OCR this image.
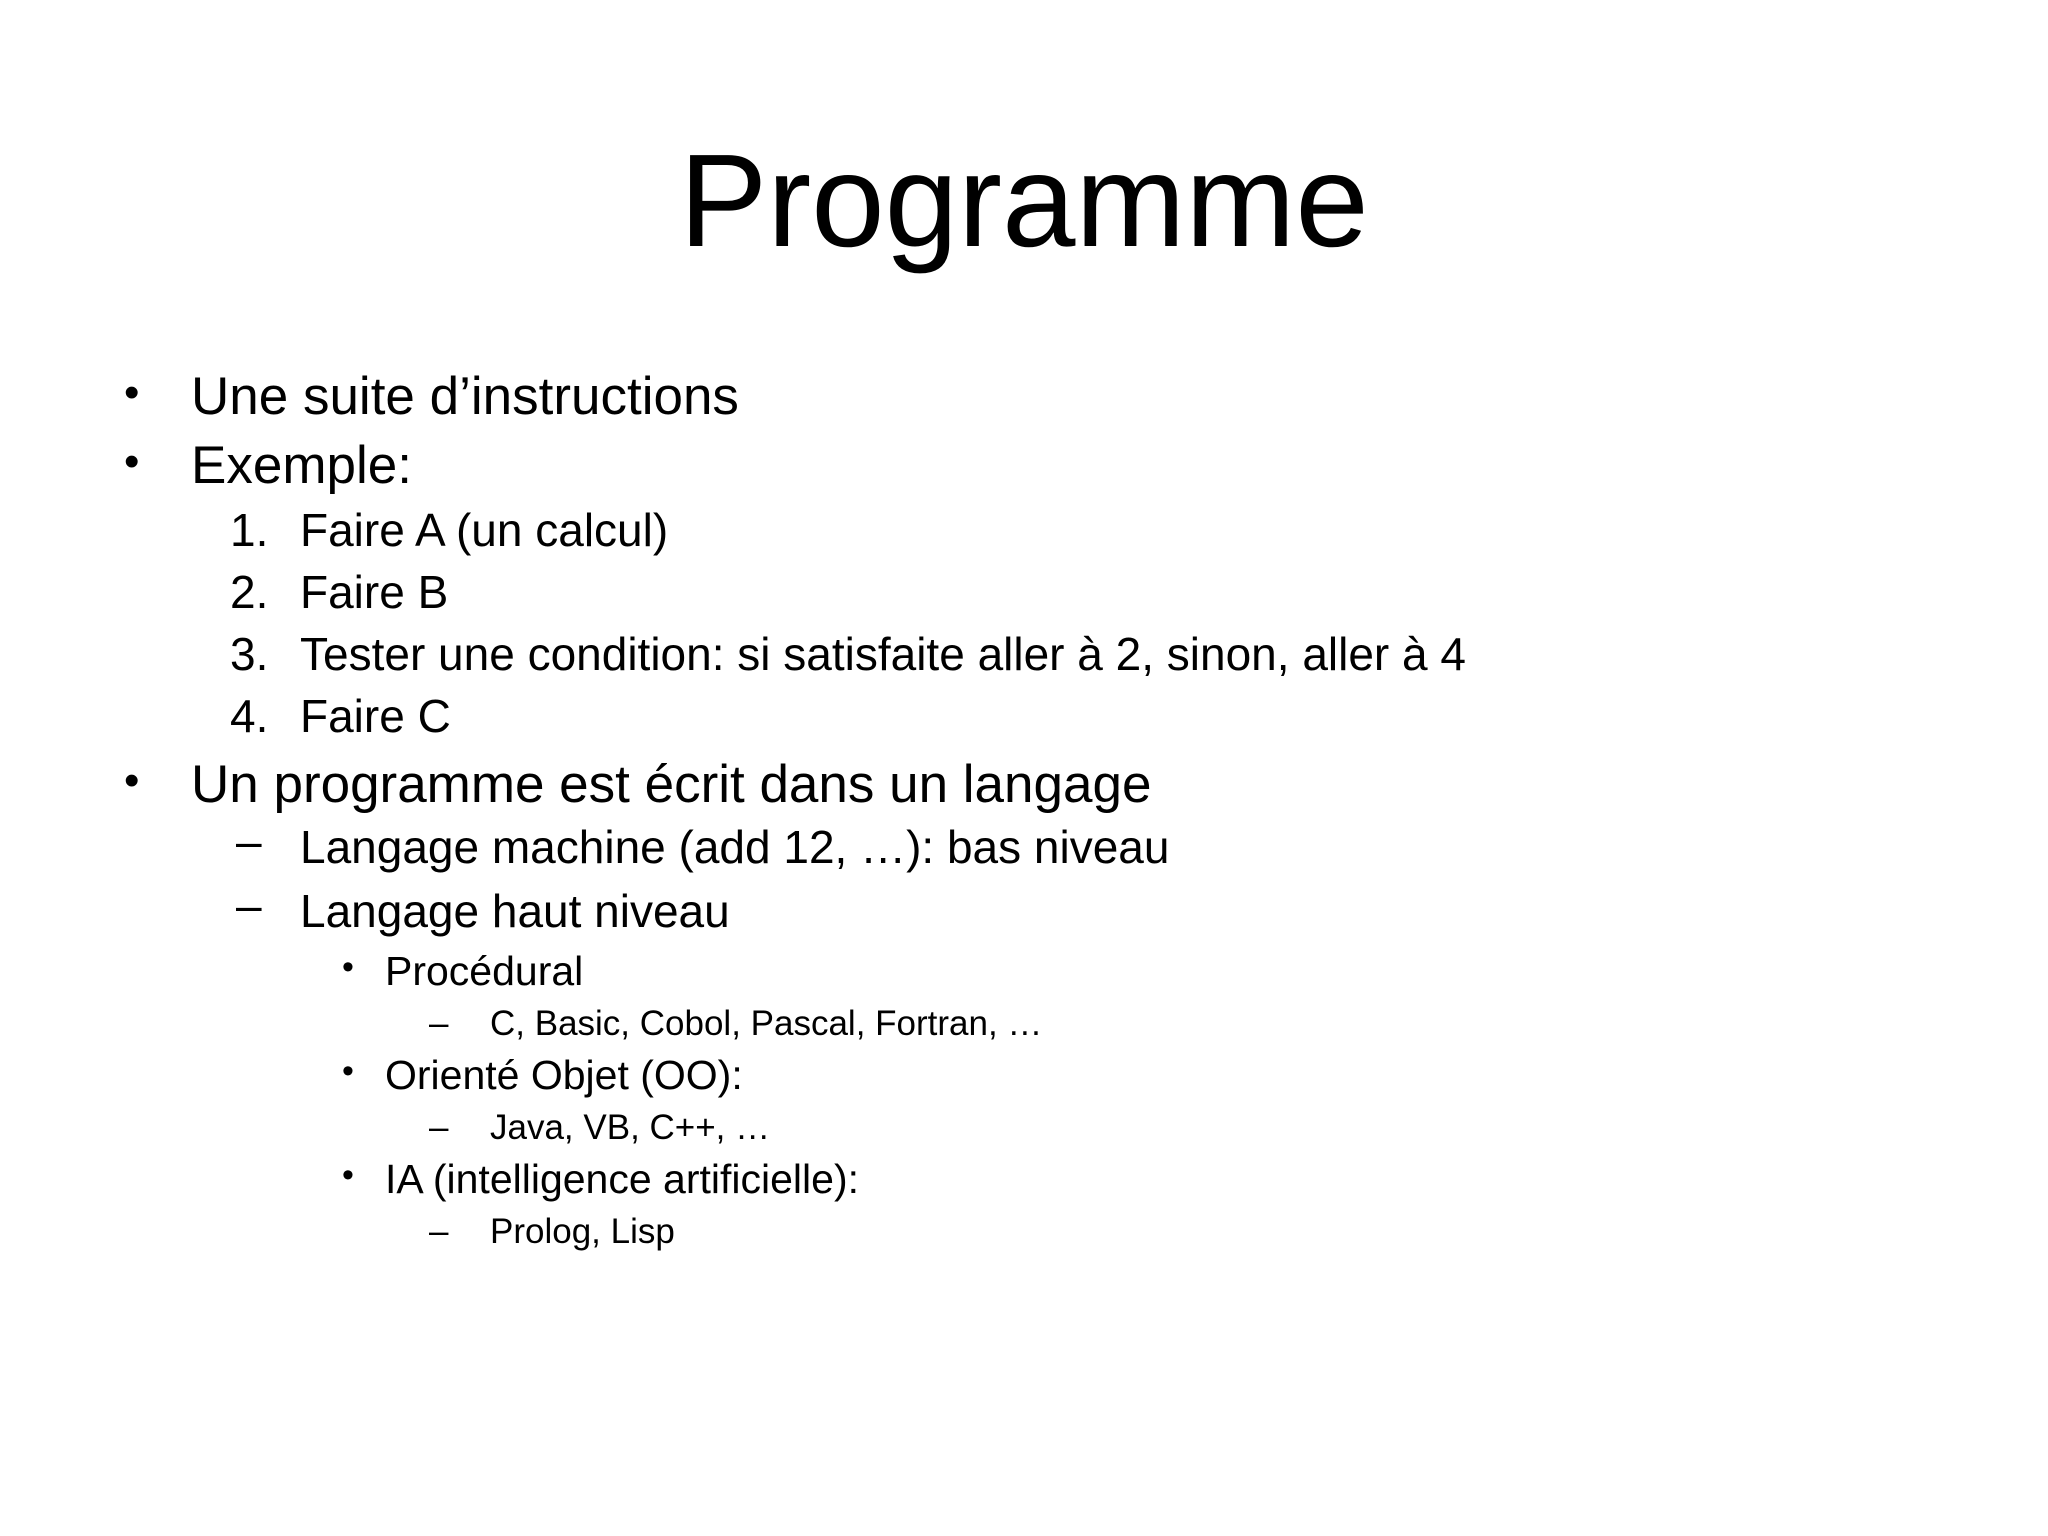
Programme
• Une suite d’instructions
• Exemple:
1. Faire A (un calcul)
2. Faire B
3. Tester une condition: si satisfaite aller à 2, sinon, aller à 4
4. Faire C
• Un programme est écrit dans un langage
– Langage machine (add 12, …): bas niveau
– Langage haut niveau
• Procédural
– C, Basic, Cobol, Pascal, Fortran, …
• Orienté Objet (OO):
– Java, VB, C++, …
• IA (intelligence artificielle):
– Prolog, Lisp
